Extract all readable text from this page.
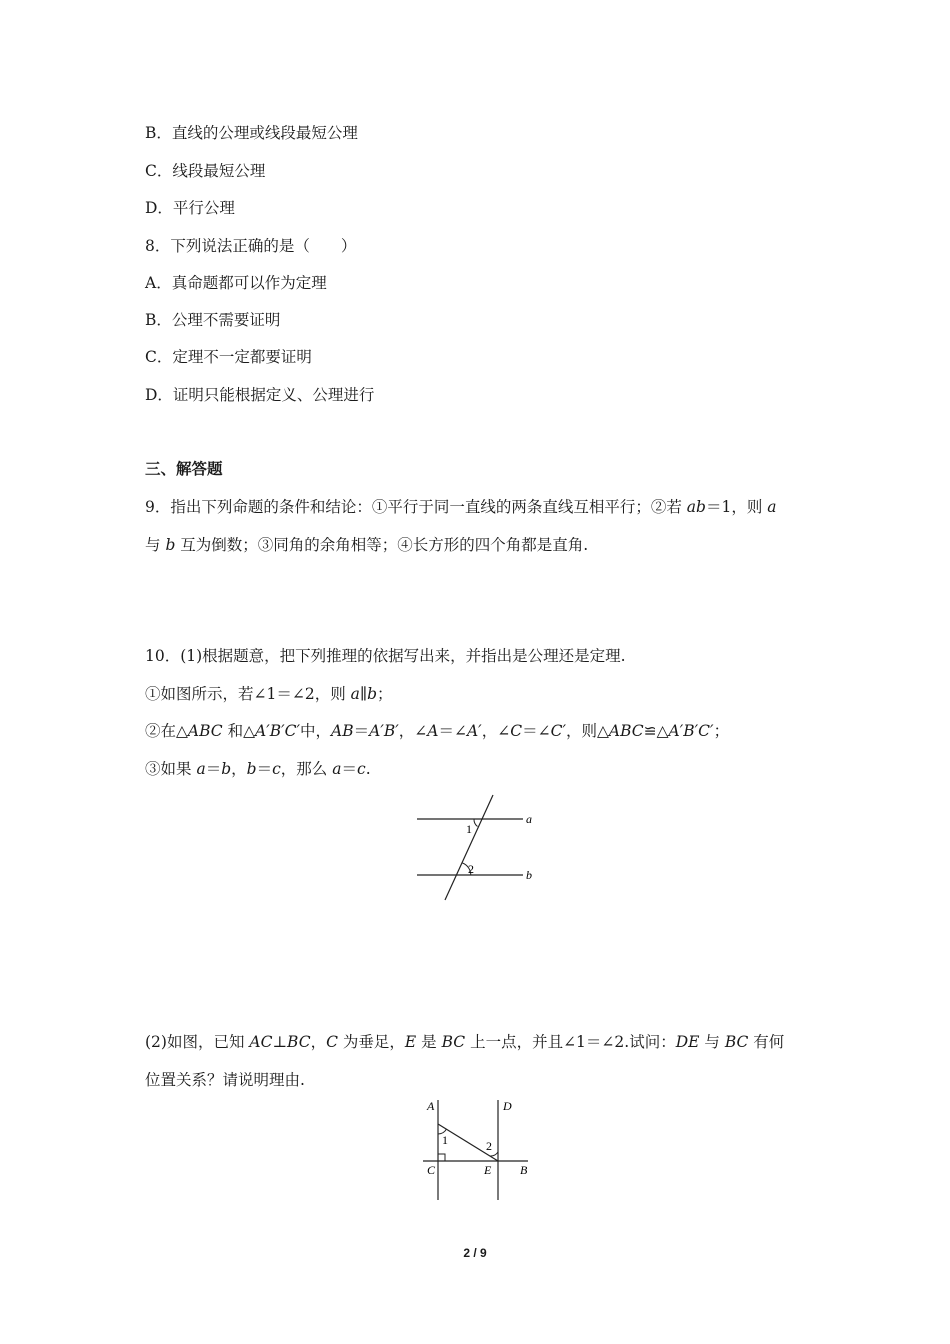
B．直线的公理或线段最短公理
C．线段最短公理
D．平行公理
8．下列说法正确的是（　　）
A．真命题都可以作为定理
B．公理不需要证明
C．定理不一定都要证明
D．证明只能根据定义、公理进行
三、解答题
9．指出下列命题的条件和结论：①平行于同一直线的两条直线互相平行；②若 ab＝1，则 a
与 b 互为倒数；③同角的余角相等；④长方形的四个角都是直角.
10．(1)根据题意，把下列推理的依据写出来，并指出是公理还是定理.
①如图所示，若∠1＝∠2，则 a∥b；
②在△ABC 和△A′B′C′中，AB＝A′B′，∠A＝∠A′，∠C＝∠C′，则△ABC≌△A′B′C′；
③如果 a＝b，b＝c，那么 a＝c.
1
2
a
b
(2)如图，已知 AC⊥BC，C 为垂足，E 是 BC 上一点，并且∠1＝∠2.试问：DE 与 BC 有何
位置关系？请说明理由.
A	D
C	E B
1	2
2 / 9
